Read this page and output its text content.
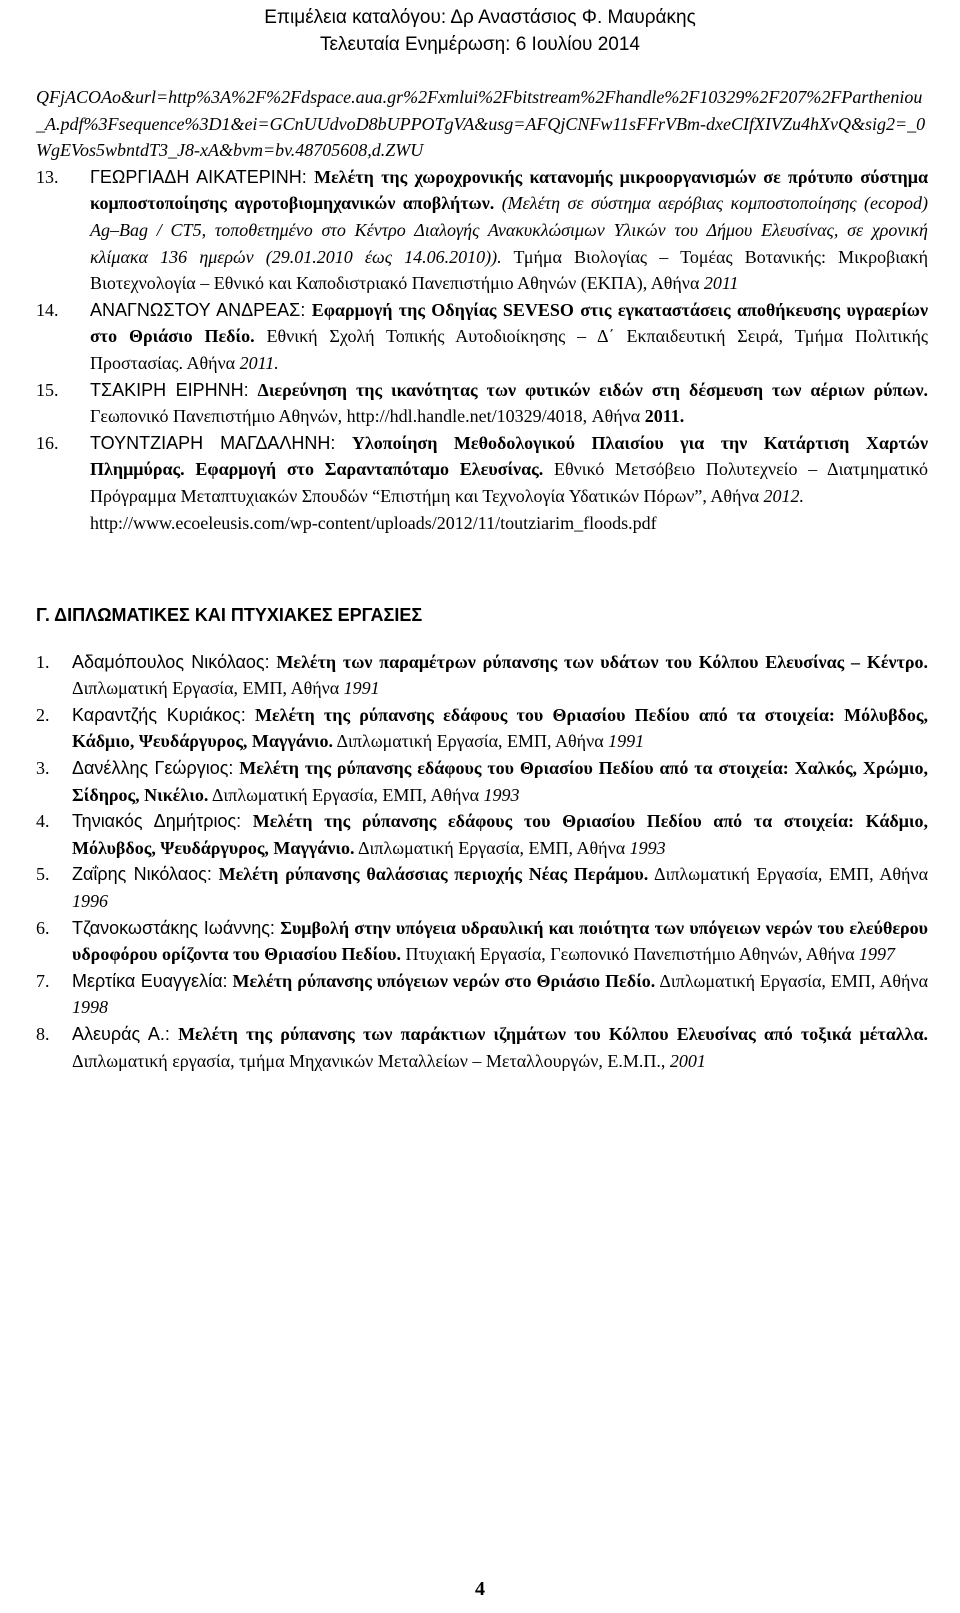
Επιμέλεια καταλόγου: Δρ Αναστάσιος Φ. Μαυράκης
Τελευταία Ενημέρωση: 6 Ιουλίου 2014
QFjACOAo&url=http%3A%2F%2Fdspace.aua.gr%2Fxmlui%2Fbitstream%2Fhandle%2F10329%2F207%2FPartheniou_A.pdf%3Fsequence%3D1&ei=GCnUUdvoD8bUPPOTgVA&usg=AFQjCNFw11sFFrVBm-dxeCIfXIVZu4hXvQ&sig2=_0WgEVos5wbntdT3_J8-xA&bvm=bv.48705608,d.ZWU
13. ΓΕΩΡΓΙΑΔΗ ΑΙΚΑΤΕΡΙΝΗ: Μελέτη της χωροχρονικής κατανομής μικροοργανισμών σε πρότυπο σύστημα κομποστοποίησης αγροτοβιομηχανικών αποβλήτων. (Μελέτη σε σύστημα αερόβιας κομποστοποίησης (ecopod) Ag–Bag / CT5, τοποθετημένο στο Κέντρο Διαλογής Ανακυκλώσιμων Υλικών του Δήμου Ελευσίνας, σε χρονική κλίμακα 136 ημερών (29.01.2010 έως 14.06.2010)). Τμήμα Βιολογίας – Τομέας Βοτανικής: Μικροβιακή Βιοτεχνολογία – Εθνικό και Καποδιστριακό Πανεπιστήμιο Αθηνών (ΕΚΠΑ), Αθήνα 2011
14. ΑΝΑΓΝΩΣΤΟΥ ΑΝΔΡΕΑΣ: Εφαρμογή της Οδηγίας SEVESO στις εγκαταστάσεις αποθήκευσης υγραερίων στο Θριάσιο Πεδίο. Εθνική Σχολή Τοπικής Αυτοδιοίκησης – Δ΄ Εκπαιδευτική Σειρά, Τμήμα Πολιτικής Προστασίας. Αθήνα 2011.
15. ΤΣΑΚΙΡΗ ΕΙΡΗΝΗ: Διερεύνηση της ικανότητας των φυτικών ειδών στη δέσμευση των αέριων ρύπων. Γεωπονικό Πανεπιστήμιο Αθηνών, http://hdl.handle.net/10329/4018, Αθήνα 2011.
16. ΤΟΥΝΤΖΙΑΡΗ ΜΑΓΔΑΛΗΝΗ: Υλοποίηση Μεθοδολογικού Πλαισίου για την Κατάρτιση Χαρτών Πλημμύρας. Εφαρμογή στο Σαρανταπόταμο Ελευσίνας. Εθνικό Μετσόβειο Πολυτεχνείο – Διατμηματικό Πρόγραμμα Μεταπτυχιακών Σπουδών “Επιστήμη και Τεχνολογία Υδατικών Πόρων”, Αθήνα 2012.
http://www.ecoeleusis.com/wp-content/uploads/2012/11/toutziarim_floods.pdf
Γ. ΔΙΠΛΩΜΑΤΙΚΕΣ ΚΑΙ ΠΤΥΧΙΑΚΕΣ ΕΡΓΑΣΙΕΣ
1. Αδαμόπουλος Νικόλαος: Μελέτη των παραμέτρων ρύπανσης των υδάτων του Κόλπου Ελευσίνας – Κέντρο. Διπλωματική Εργασία, ΕΜΠ, Αθήνα 1991
2. Καραντζής Κυριάκος: Μελέτη της ρύπανσης εδάφους του Θριασίου Πεδίου από τα στοιχεία: Μόλυβδος, Κάδμιο, Ψευδάργυρος, Μαγγάνιο. Διπλωματική Εργασία, ΕΜΠ, Αθήνα 1991
3. Δανέλλης Γεώργιος: Μελέτη της ρύπανσης εδάφους του Θριασίου Πεδίου από τα στοιχεία: Χαλκός, Χρώμιο, Σίδηρος, Νικέλιο. Διπλωματική Εργασία, ΕΜΠ, Αθήνα 1993
4. Τηνιακός Δημήτριος: Μελέτη της ρύπανσης εδάφους του Θριασίου Πεδίου από τα στοιχεία: Κάδμιο, Μόλυβδος, Ψευδάργυρος, Μαγγάνιο. Διπλωματική Εργασία, ΕΜΠ, Αθήνα 1993
5. Ζαΐρης Νικόλαος: Μελέτη ρύπανσης θαλάσσιας περιοχής Νέας Περάμου. Διπλωματική Εργασία, ΕΜΠ, Αθήνα 1996
6. Τζανοκωστάκης Ιωάννης: Συμβολή στην υπόγεια υδραυλική και ποιότητα των υπόγειων νερών του ελεύθερου υδροφόρου ορίζοντα του Θριασίου Πεδίου. Πτυχιακή Εργασία, Γεωπονικό Πανεπιστήμιο Αθηνών, Αθήνα 1997
7. Μερτίκα Ευαγγελία: Μελέτη ρύπανσης υπόγειων νερών στο Θριάσιο Πεδίο. Διπλωματική Εργασία, ΕΜΠ, Αθήνα 1998
8. Αλευράς Α.: Μελέτη της ρύπανσης των παράκτιων ιζημάτων του Κόλπου Ελευσίνας από τοξικά μέταλλα. Διπλωματική εργασία, τμήμα Μηχανικών Μεταλλείων – Μεταλλουργών, Ε.Μ.Π., 2001
4
